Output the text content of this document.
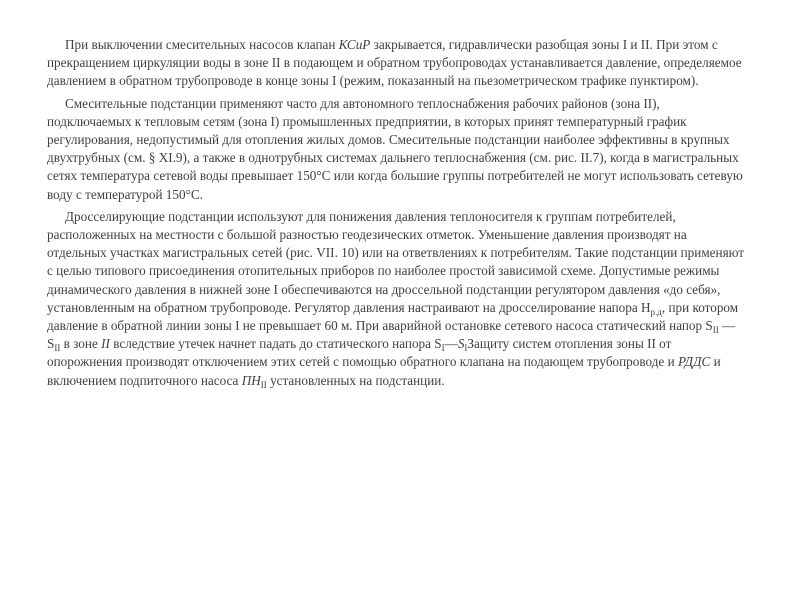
При выключении смесительных насосов клапан КСиР закрывается, гидравлически разобщая зоны I и II. При этом с прекращением циркуляции воды в зоне II в подающем и обратном трубопроводах устанавливается давление, определяемое давлением в обратном трубопроводе в конце зоны I (режим, показанный на пьезометрическом трафике пунктиром).

Смесительные подстанции применяют часто для автономного теплоснабжения рабочих районов (зона II), подключаемых к тепловым сетям (зона I) промышленных предприятии, в которых принят температурный график регулирования, недопустимый для отопления жилых домов. Смесительные подстанции наиболее эффективны в крупных двухтрубных (см. § XI.9), а также в однотрубных системах дальнего теплоснабжения (см. рис. II.7), когда в магистральных сетях температура сетевой воды превышает 150°С или когда большие группы потребителей не могут использовать сетевую воду с температурой 150°С.

Дросселирующие подстанции используют для понижения давления теплоносителя к группам потребителей, расположенных на местности с большой разностью геодезических отметок. Уменьшение давления производят на отдельных участках магистральных сетей (рис. VII. 10) или на ответвлениях к потребителям. Такие подстанции применяют с целью типового присоединения отопительных приборов по наиболее простой зависимой схеме. Допустимые режимы динамического давления в нижней зоне I обеспечиваются на дроссельной подстанции регулятором давления «до себя», установленным на обратном трубопроводе. Регулятор давления настраивают на дросселирование напора $H_{р.д}$, при котором давление в обратной линии зоны I не превышает 60 м. При аварийной остановке сетевого насоса статический напор $S_{II}$ — $S_{II}$ в зоне II вследствие утечек начнет падать до статического напора $S_I—S_IЗащиту$ систем отопления зоны II от опорожнения производят отключением этих сетей с помощью обратного клапана на подающем трубопроводе и РДДС и включением подпиточного насоса $ПН_{II}$ установленных на подстанции.
